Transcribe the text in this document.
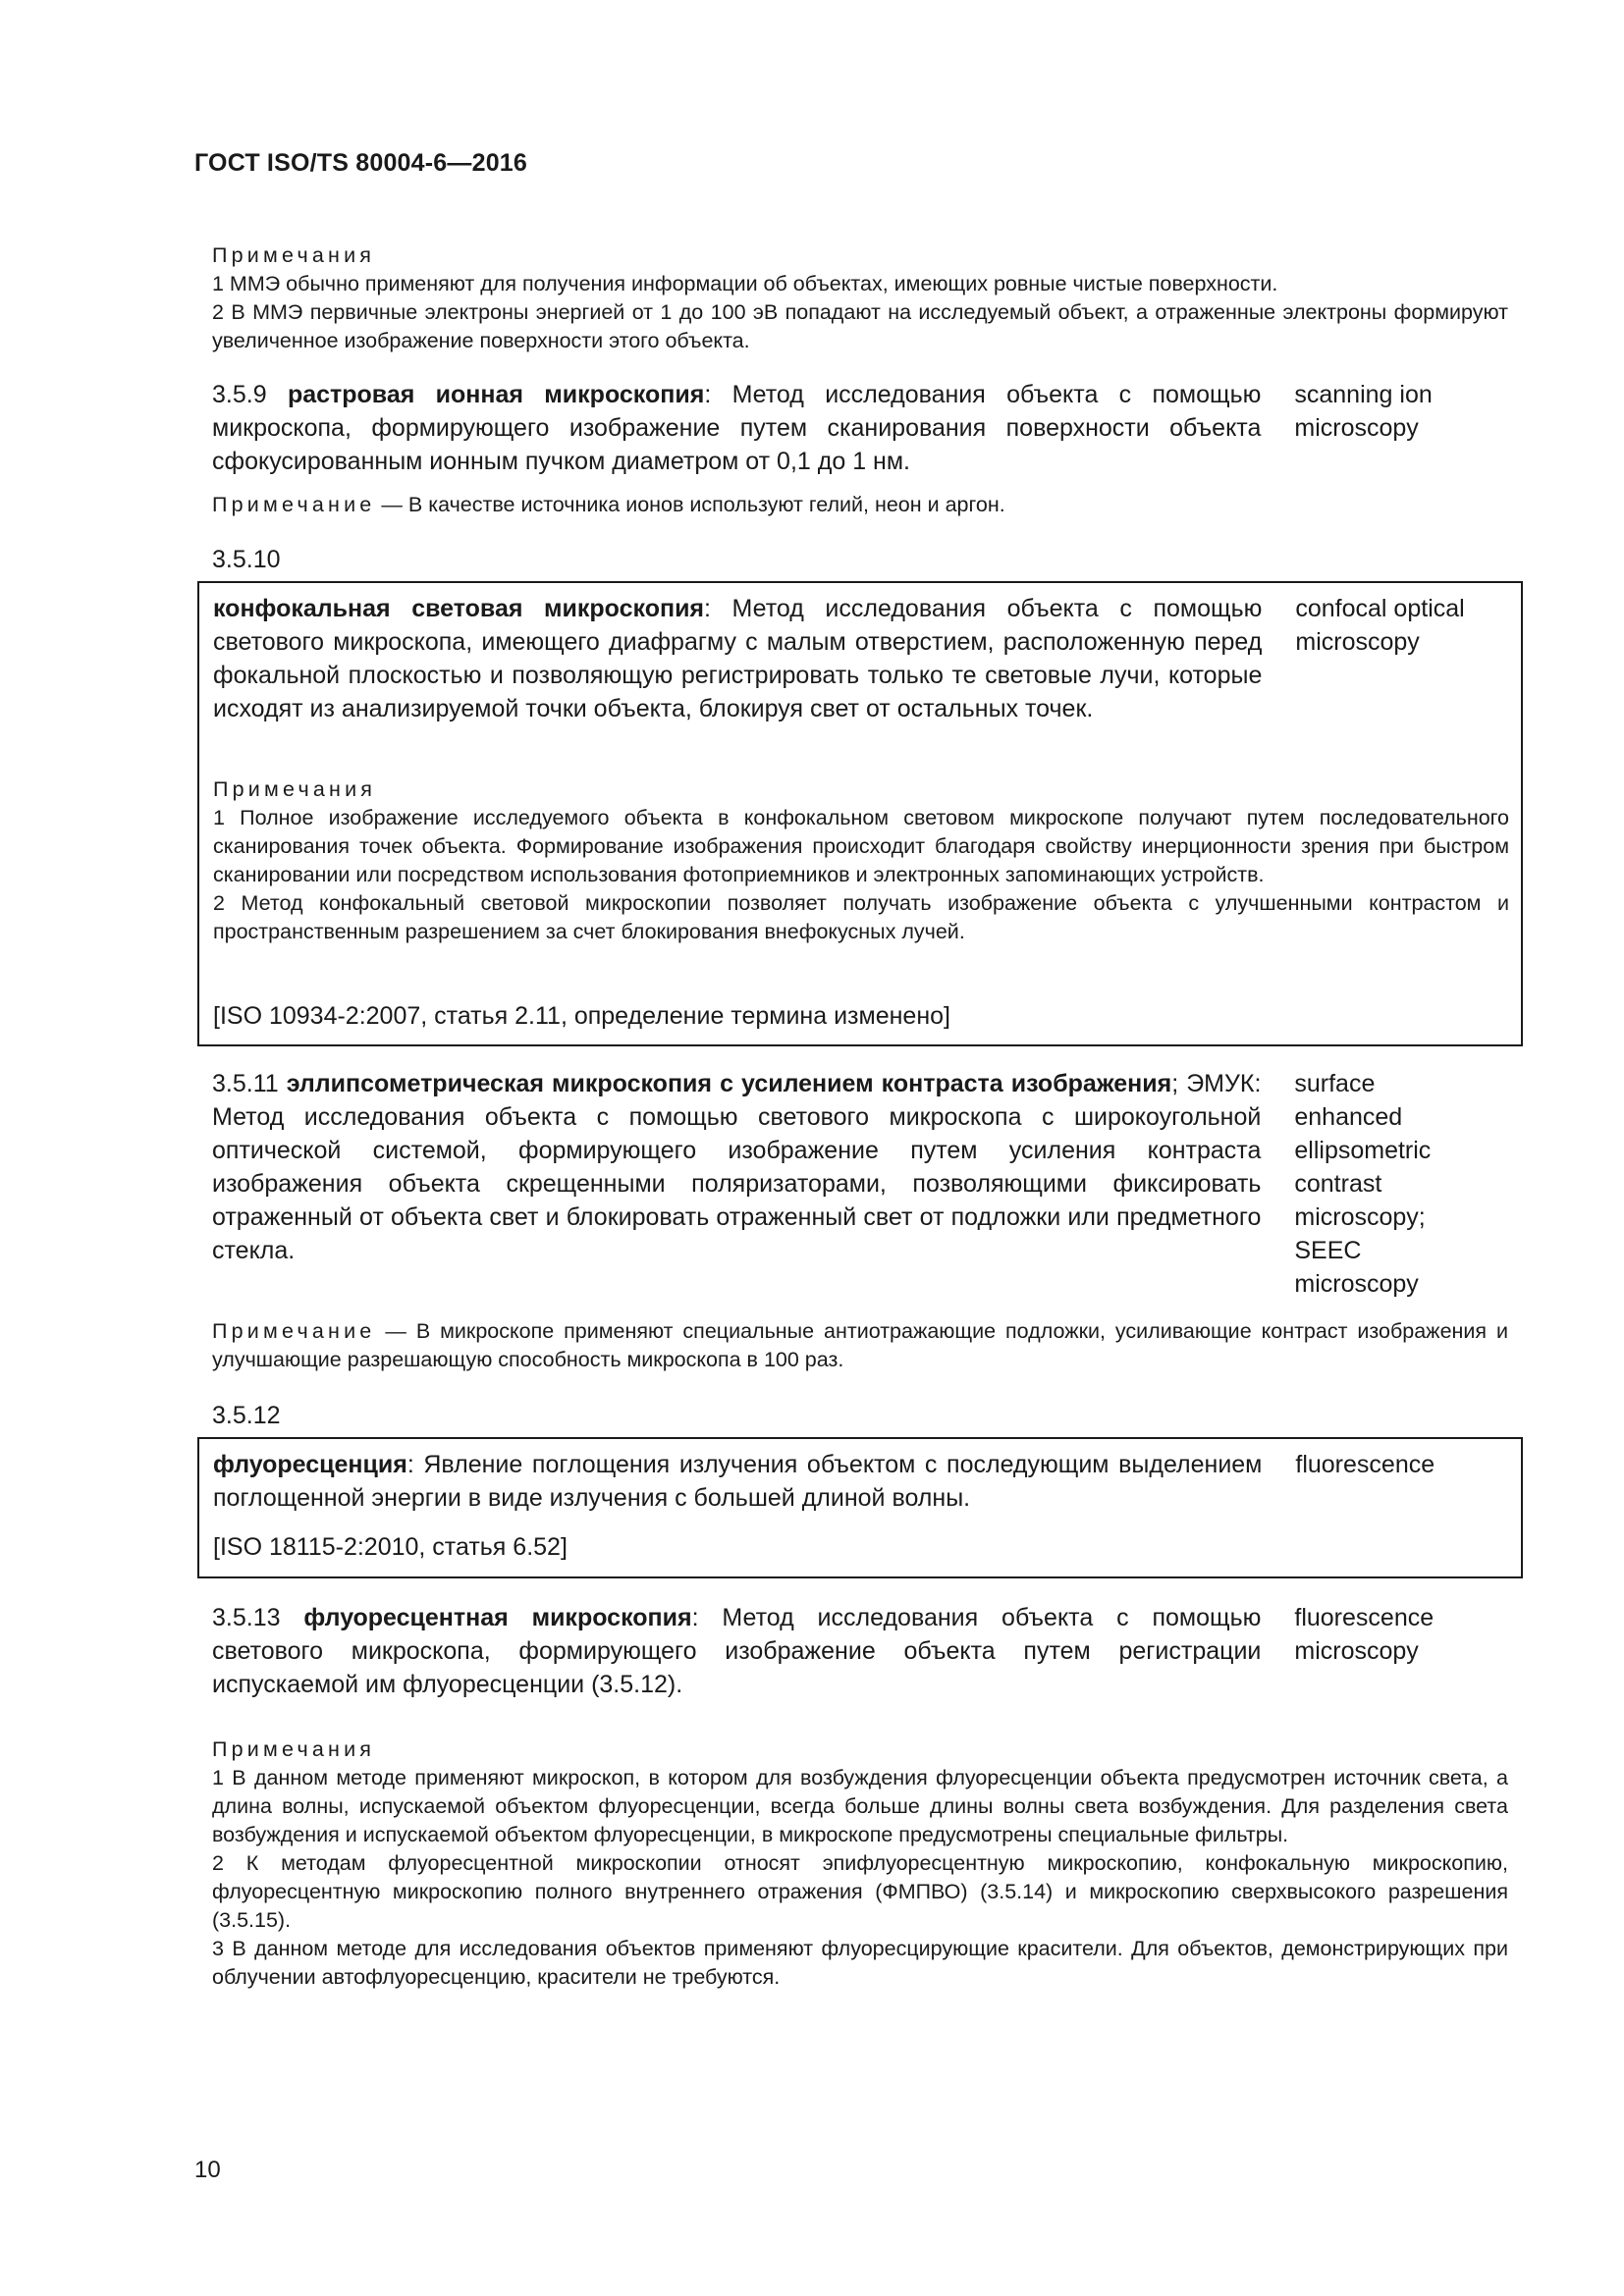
ГОСТ ISO/TS 80004-6—2016

Примечания

1 ММЭ обычно применяют для получения информации об объектах, имеющих ровные чистые поверхности.

2 В ММЭ первичные электроны энергией от 1 до 100 эВ попадают на исследуемый объект, а отраженные электроны формируют увеличенное изображение поверхности этого объекта.

3.5.9 растровая ионная микроскопия: Метод исследования объекта с помощью микроскопа, формирующего изображение путем сканирования поверхности объекта сфокусированным ионным пучком диаметром от 0,1 до 1 нм.
scanning ion
microscopy

Примечание — В качестве источника ионов используют гелий, неон и аргон.

3.5.10
конфокальная световая микроскопия: Метод исследования объекта с помощью светового микроскопа, имеющего диафрагму с малым отверстием, расположенную перед фокальной плоскостью и позволяющую регистрировать только те световые лучи, которые исходят из анализируемой точки объекта, блокируя свет от остальных точек.
confocal optical
microscopy

Примечания

1 Полное изображение исследуемого объекта в конфокальном световом микроскопе получают путем последовательного сканирования точек объекта. Формирование изображения происходит благодаря свойству инерционности зрения при быстром сканировании или посредством использования фотоприемников и электронных запоминающих устройств.

2 Метод конфокальный световой микроскопии позволяет получать изображение объекта с улучшенными контрастом и пространственным разрешением за счет блокирования внефокусных лучей.

[ISO 10934-2:2007, статья 2.11, определение термина изменено]
3.5.11 эллипсометрическая микроскопия с усилением контраста изображения; ЭМУК: Метод исследования объекта с помощью светового микроскопа с широкоугольной оптической системой, формирующего изображение путем усиления контраста изображения объекта скрещенными поляризаторами, позволяющими фиксировать отраженный от объекта свет и блокировать отраженный свет от подложки или предметного стекла.
surface
enhanced
ellipsometric
contrast
microscopy;
SEEC
microscopy

Примечание — В микроскопе применяют специальные антиотражающие подложки, усиливающие контраст изображения и улучшающие разрешающую способность микроскопа в 100 раз.

3.5.12
флуоресценция: Явление поглощения излучения объектом с последующим выделением поглощенной энергии в виде излучения с большей длиной волны.
fluorescence
[ISO 18115-2:2010, статья 6.52]
3.5.13 флуоресцентная микроскопия: Метод исследования объекта с помощью светового микроскопа, формирующего изображение объекта путем регистрации испускаемой им флуоресценции (3.5.12).
fluorescence
microscopy

Примечания

1 В данном методе применяют микроскоп, в котором для возбуждения флуоресценции объекта предусмотрен источник света, а длина волны, испускаемой объектом флуоресценции, всегда больше длины волны света возбуждения. Для разделения света возбуждения и испускаемой объектом флуоресценции, в микроскопе предусмотрены специальные фильтры.

2 К методам флуоресцентной микроскопии относят эпифлуоресцентную микроскопию, конфокальную микроскопию, флуоресцентную микроскопию полного внутреннего отражения (ФМПВО) (3.5.14) и микроскопию сверхвысокого разрешения (3.5.15).

3 В данном методе для исследования объектов применяют флуоресцирующие красители. Для объектов, демонстрирующих при облучении автофлуоресценцию, красители не требуются.

10
